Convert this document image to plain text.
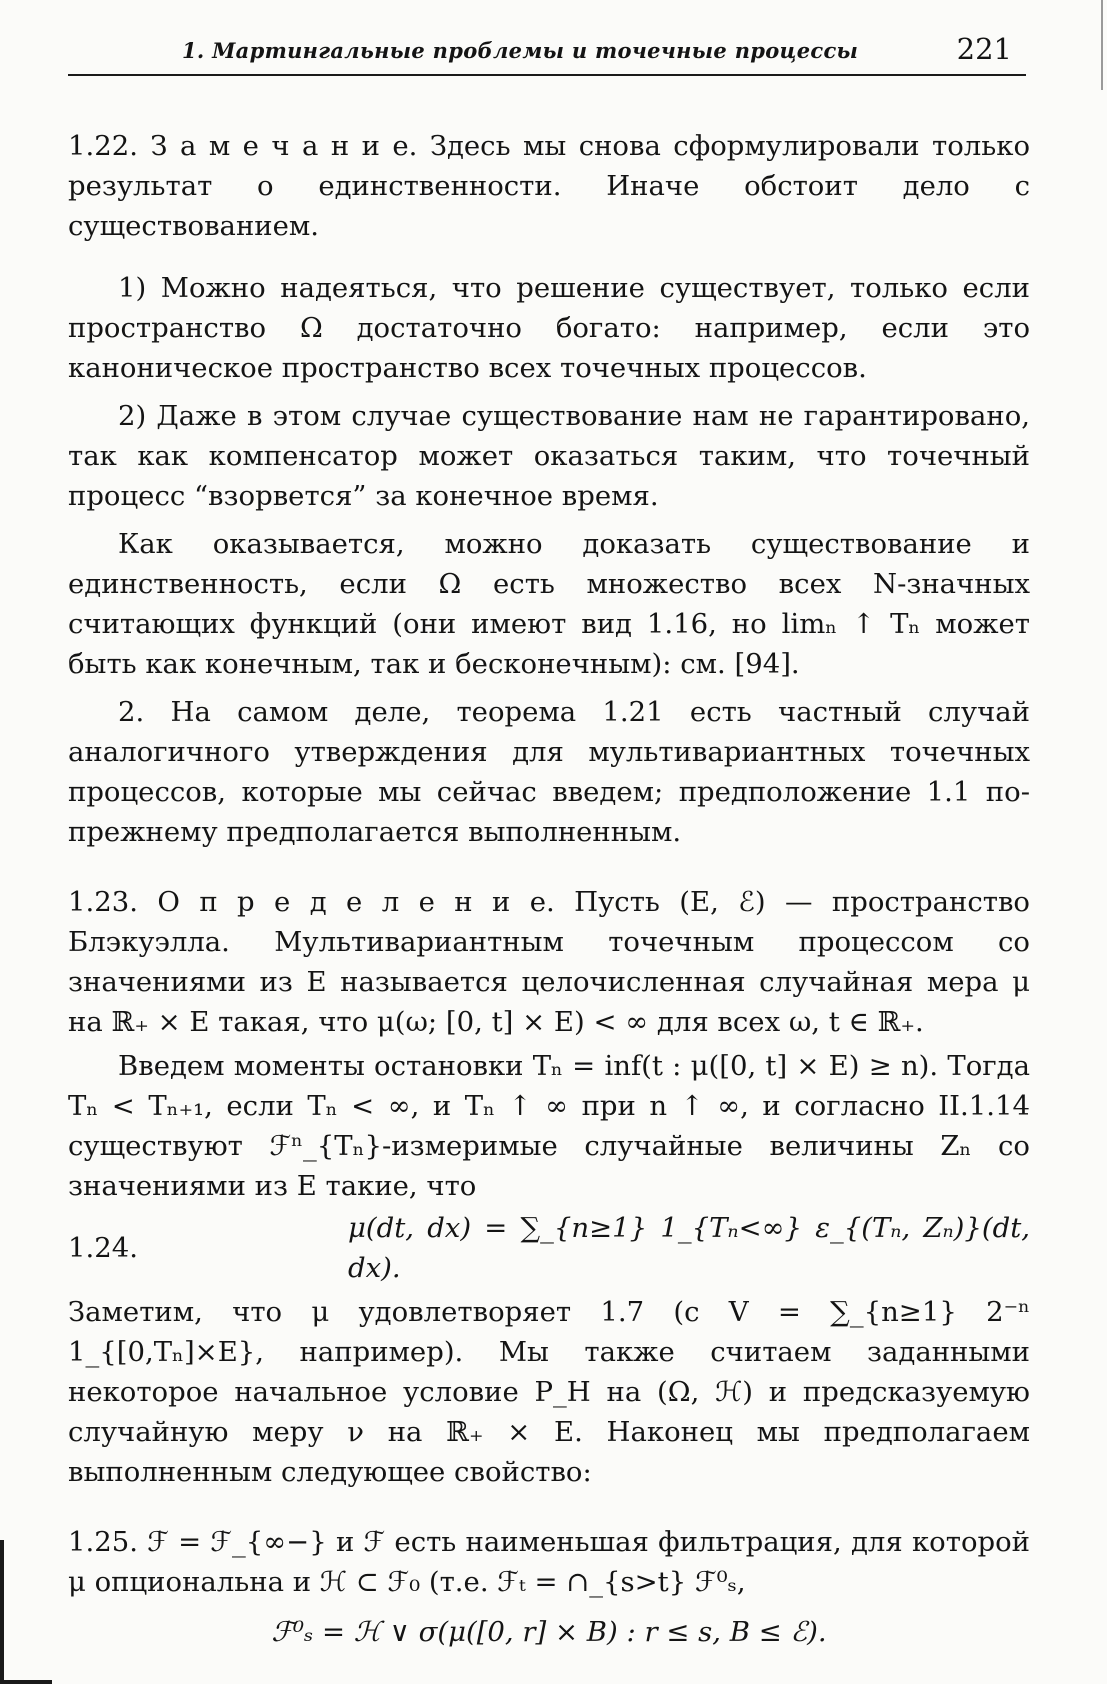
1. Мартингальные проблемы и точечные процессы	221

1.22. З а м е ч а н и е. Здесь мы снова сформулировали только результат о единственности. Иначе обстоит дело с существованием.

1) Можно надеяться, что решение существует, только если пространство Ω достаточно богато: например, если это каноническое пространство всех точечных процессов.

2) Даже в этом случае существование нам не гарантировано, так как компенсатор может оказаться таким, что точечный процесс “взорвется” за конечное время.

Как оказывается, можно доказать существование и единственность, если Ω есть множество всех N-значных считающих функций (они имеют вид 1.16, но limₙ ↑ Tₙ может быть как конечным, так и бесконечным): см. [94].

2. На самом деле, теорема 1.21 есть частный случай аналогичного утверждения для мультивариантных точечных процессов, которые мы сейчас введем; предположение 1.1 по-прежнему предполагается выполненным.

1.23. О п р е д е л е н и е. Пусть (E, ℰ) — пространство Блэкуэлла. Мультивариантным точечным процессом со значениями из E называется целочисленная случайная мера μ на ℝ₊ × E такая, что μ(ω; [0, t] × E) < ∞ для всех ω, t ∈ ℝ₊.

Введем моменты остановки Tₙ = inf(t : μ([0, t] × E) ≥ n). Тогда Tₙ < Tₙ₊₁, если Tₙ < ∞, и Tₙ ↑ ∞ при n ↑ ∞, и согласно II.1.14 существуют ℱⁿ_{Tₙ}-измеримые случайные величины Zₙ со значениями из E такие, что

1.24.
μ(dt, dx) = ∑_{n≥1} 1_{Tₙ<∞} ε_{(Tₙ, Zₙ)}(dt, dx).

Заметим, что μ удовлетворяет 1.7 (с V = ∑_{n≥1} 2⁻ⁿ 1_{[0,Tₙ]×E}, например). Мы также считаем заданными некоторое начальное условие P_H на (Ω, ℋ) и предсказуемую случайную меру ν на ℝ₊ × E. Наконец мы предполагаем выполненным следующее свойство:

1.25. ℱ = ℱ_{∞−} и ℱ есть наименьшая фильтрация, для которой μ опциональна и ℋ ⊂ ℱ₀ (т.е. ℱₜ = ∩_{s>t} ℱ⁰ₛ,

ℱ⁰ₛ = ℋ ∨ σ(μ([0, r] × B) : r ≤ s, B ≤ ℰ).
